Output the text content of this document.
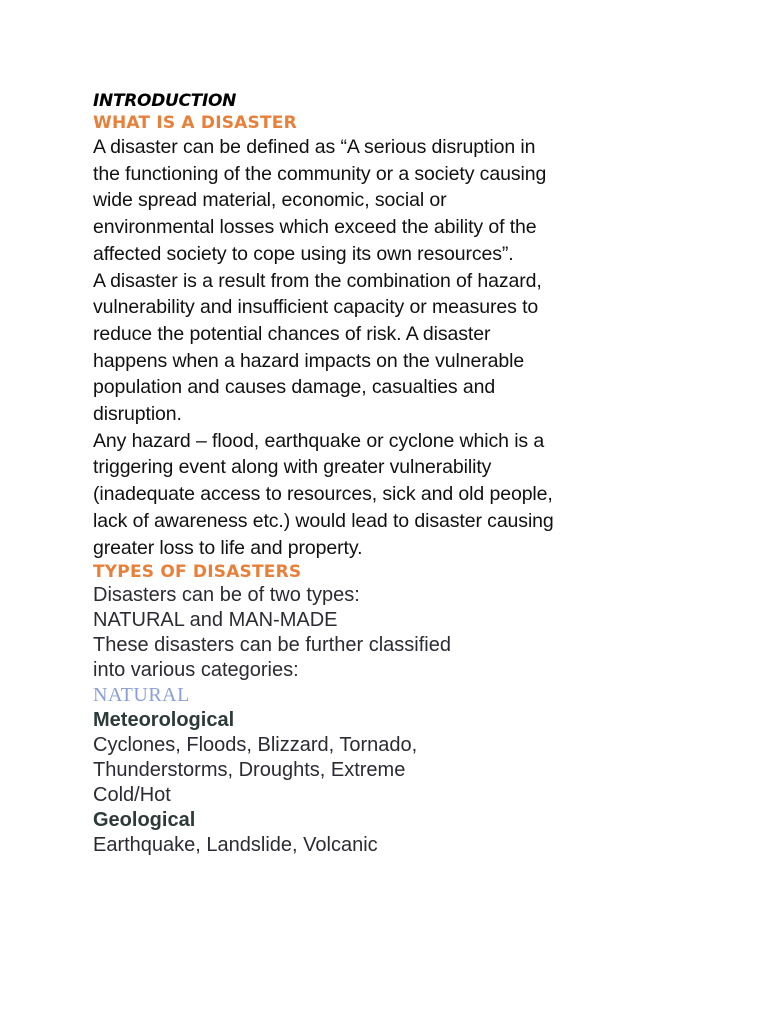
INTRODUCTION
WHAT IS A DISASTER

A disaster can be defined as “A serious disruption in the functioning of the community or a society causing wide spread material, economic, social or environmental losses which exceed the ability of the affected society to cope using its own resources”.

A disaster is a result from the combination of hazard, vulnerability and insufficient capacity or measures to reduce the potential chances of risk. A disaster happens when a hazard impacts on the vulnerable population and causes damage, casualties and disruption.

Any hazard – flood, earthquake or cyclone which is a triggering event along with greater vulnerability (inadequate access to resources, sick and old people, lack of awareness etc.) would lead to disaster causing greater loss to life and property.

TYPES OF DISASTERS

Disasters can be of two types:

NATURAL and MAN-MADE

These disasters can be further classified into various categories:

NATURAL
Meteorological

Cyclones, Floods, Blizzard, Tornado, Thunderstorms, Droughts, Extreme Cold/Hot

Geological

Earthquake, Landslide, Volcanic
